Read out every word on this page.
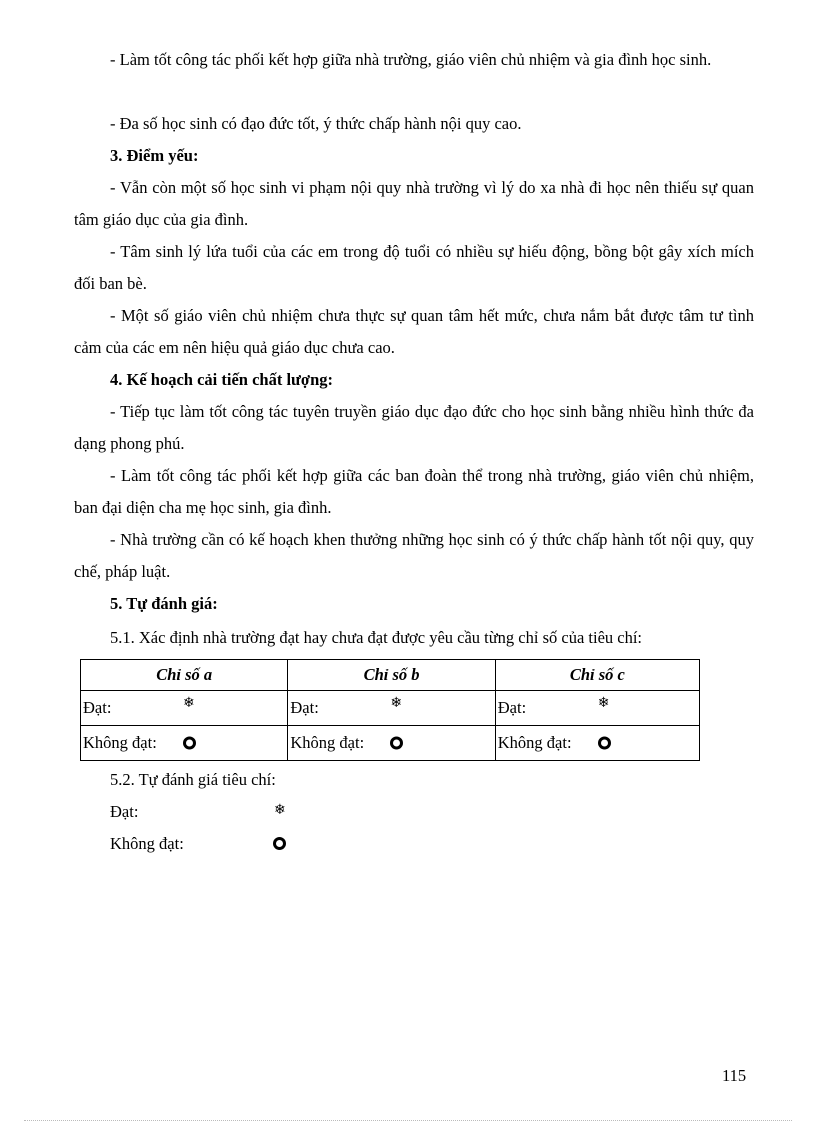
- Làm tốt công tác phối kết hợp giữa nhà trường, giáo viên chủ nhiệm và gia đình học sinh.

- Đa số học sinh có đạo đức tốt, ý thức chấp hành nội quy cao.

3. Điểm yếu:

- Vẫn còn một số học sinh vi phạm nội quy nhà trường vì lý do xa nhà đi học nên thiếu sự quan tâm giáo dục của gia đình.

- Tâm sinh lý lứa tuổi của các em trong độ tuổi có nhiều sự hiếu động, bồng bột gây xích mích đối ban bè.

- Một số giáo viên chủ nhiệm chưa thực sự quan tâm hết mức, chưa nắm bắt được tâm tư tình cảm của các em nên hiệu quả giáo dục chưa cao.

4. Kế hoạch cải tiến chất lượng:

- Tiếp tục làm tốt công tác tuyên truyền giáo dục đạo đức cho học sinh bằng nhiều hình thức đa dạng phong phú.

- Làm tốt công tác phối kết hợp giữa các ban đoàn thể trong nhà trường, giáo viên chủ nhiệm, ban đại diện cha mẹ học sinh, gia đình.

- Nhà trường cần có kế hoạch khen thưởng những học sinh có ý thức chấp hành tốt nội quy, quy chế, pháp luật.

5. Tự đánh giá:

5.1. Xác định nhà trường đạt hay chưa đạt được yêu cầu từng chỉ số của tiêu chí:

Chỉ số a	Chỉ số b	Chỉ số c

Đạt: ❄	Đạt: ❄	Đạt: ❄

Không đạt:	Không đạt:	Không đạt:

5.2. Tự đánh giá tiêu chí:

Đạt:	❄
Không đạt:
115
